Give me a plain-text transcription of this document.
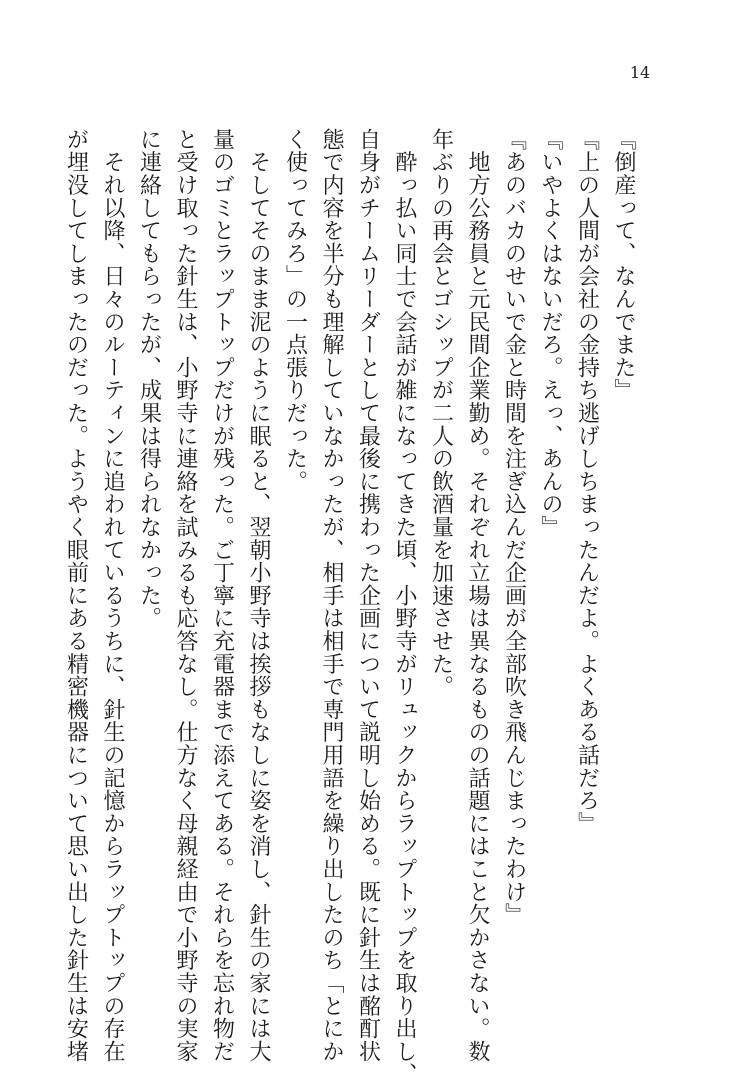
14
『倒産って、なんでまた』
『上の人間が会社の金持ち逃げしちまったんだよ。よくある話だろ』
『いやよくはないだろ。えっ、あんの』
『あのバカのせいで金と時間を注ぎ込んだ企画が全部吹き飛んじまったわけ』
　地方公務員と元民間企業勤め。それぞれ立場は異なるものの話題にはこと欠かさない。数
年ぶりの再会とゴシップが二人の飲酒量を加速させた。
　酔っ払い同士で会話が雑になってきた頃、小野寺がリュックからラップトップを取り出し、
自身がチームリーダーとして最後に携わった企画について説明し始める。既に針生は酩酊状
態で内容を半分も理解していなかったが、相手は相手で専門用語を繰り出したのち「とにか
く使ってみろ」の一点張りだった。
　そしてそのまま泥のように眠ると、翌朝小野寺は挨拶もなしに姿を消し、針生の家には大
量のゴミとラップトップだけが残った。ご丁寧に充電器まで添えてある。それらを忘れ物だ
と受け取った針生は、小野寺に連絡を試みるも応答なし。仕方なく母親経由で小野寺の実家
に連絡してもらったが、成果は得られなかった。
　それ以降、日々のルーティンに追われているうちに、針生の記憶からラップトップの存在
が埋没してしまったのだった。ようやく眼前にある精密機器について思い出した針生は安堵
